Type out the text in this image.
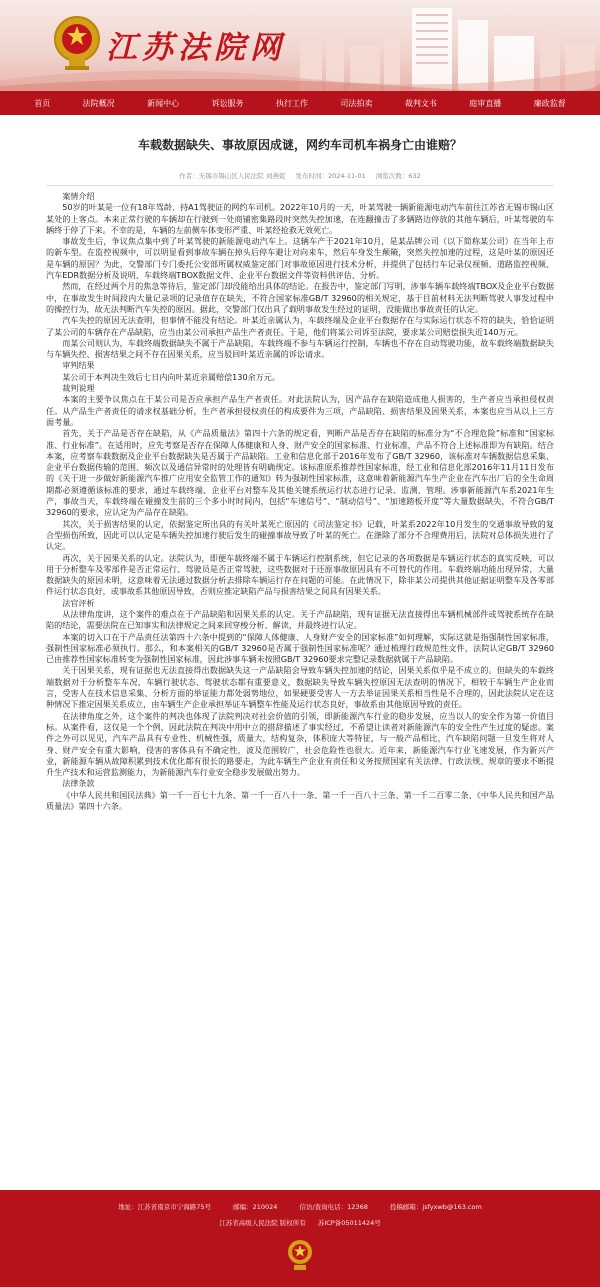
江苏法院网
首页	法院概况	新闻中心	诉讼服务	执行工作	司法拍卖	裁判文书	庭审直播	廉政监督
车载数据缺失、事故原因成谜，网约车司机车祸身亡由谁赔？
作者：无锡市锡山区人民法院 刘燕妮 发布时间：2024-11-01 浏览次数：632

案情介绍

50岁的叶某是一位有18年驾龄、持A1驾驶证的网约车司机。2022年10月的一天，叶某驾驶一辆新能源电动汽车前往江苏省无锡市锡山区某处的上客点。本来正常行驶的车辆却在行驶到一处商铺密集路段时突然失控加速，在连翻撞击了多辆路边停放的其他车辆后，叶某驾驶的车辆终于停了下来。不幸的是，车辆的左前侧车体变形严重、叶某经抢救无效死亡。

事故发生后，争议焦点集中到了叶某驾驶的新能源电动汽车上。这辆车产于2021年10月，是某品牌公司（以下简称某公司）在当年上市的新车型。在监控视频中，可以明显看到事故车辆在掉头后停车避让对向来车，然后车身发生颠簸，突然失控加速的过程，这是叶某的原因还是车辆的原因？为此，交警部门专门委托公安部所属权威鉴定部门对事故原因进行技术分析，并提供了包括行车记录仪视频、道路监控视频、汽车EDR数据分析及说明、车载终端TBOX数据文件、企业平台数据文件等资料供评估、分析。

然而，在经过两个月的焦急等待后，鉴定部门却没能给出具体的结论。在报告中，鉴定部门写明，涉事车辆车载终端TBOX及企业平台数据中，在事故发生时间段内大量记录项的记录值存在缺失，不符合国家标准GB/T 32960的相关规定，基于目前材料无法判断驾驶人事发过程中的操控行为，故无法判断汽车失控的原因。据此，交警部门仅出具了载明事故发生经过的证明，没能做出事故责任的认定。

汽车失控的原因无法查明，但事情不能没有结论。叶某近亲属认为，车载终端及企业平台数据存在与实际运行状态不符的缺失，恰恰证明了某公司的车辆存在产品缺陷，应当由某公司承担产品生产者责任。于是，他们将某公司诉至法院，要求某公司赔偿损失近140万元。

而某公司则认为，车载终端数据缺失不属于产品缺陷，车载终端不参与车辆运行控制，车辆也不存在自动驾驶功能，故车载终端数据缺失与车辆失控、损害结果之间不存在因果关系，应当驳回叶某近亲属的诉讼请求。

审判结果

某公司于本判决生效后七日内向叶某近亲属赔偿130余万元。

裁判说理

本案的主要争议焦点在于某公司是否应承担产品生产者责任。对此法院认为，因产品存在缺陷造成他人损害的，生产者应当承担侵权责任。从产品生产者责任的请求权基础分析，生产者承担侵权责任的构成要件为三项，产品缺陷、损害结果及因果关系，本案也应当从以上三方面考量。

首先，关于产品是否存在缺陷，从《产品质量法》第四十六条的规定看，判断产品是否存在缺陷的标准分为“不合理危险”标准和“国家标准、行业标准”。在适用时，应先考察是否存在保障人体健康和人身、财产安全的国家标准、行业标准，产品不符合上述标准即为有缺陷。结合本案，应考察车载数据及企业平台数据缺失是否属于产品缺陷。工业和信息化部于2016年发布了GB/T 32960，该标准对车辆数据信息采集、企业平台数据传输的范围、频次以及通信异常时的处理皆有明确规定。该标准原系推荐性国家标准，经工业和信息化部2016年11月11日发布的《关于进一步做好新能源汽车推广应用安全监管工作的通知》转为强制性国家标准，这意味着新能源汽车生产企业在汽车出厂后的全生命周期都必须遵循该标准的要求，通过车载终端、企业平台对整车及其他关键系统运行状态进行记录、监测、管理。涉事新能源汽车系2021年生产，事故当天，车载终端在碰撞发生前的三个多小时时间内，包括“车速信号”、“制动信号”、“加速踏板开度”等大量数据缺失，不符合GB/T 32960的要求，应认定为产品存在缺陷。

其次，关于损害结果的认定，依据鉴定所出具的有关叶某死亡原因的《司法鉴定书》记载，叶某系2022年10月发生的交通事故导致的复合型损伤所致，因此可以认定是车辆失控加速行驶后发生的碰撞事故导致了叶某的死亡。在涤除了部分不合理费用后，法院对总体损失进行了认定。

再次，关于因果关系的认定。法院认为，即便车载终端不属于车辆运行控制系统，但它记录的各项数据是车辆运行状态的真实反映，可以用于分析整车及零部件是否正常运行、驾驶员是否正常驾驶，这些数据对于还原事故原因具有不可替代的作用。车载终端功能出现异常，大量数据缺失的原因未明，这意味着无法通过数据分析去排除车辆运行存在问题的可能。在此情况下，除非某公司提供其他证据证明整车及各零部件运行状态良好，或事故系其他原因导致，否则应推定缺陷产品与损害结果之间具有因果关系。

法官评析

从法律角度讲，这个案件的难点在于产品缺陷和因果关系的认定。关于产品缺陷，现有证据无法直接得出车辆机械部件或驾驶系统存在缺陷的结论，需要法院在已知事实和法律规定之间来回穿梭分析、解读，并最终进行认定。

本案的切入口在于产品责任法第四十六条中提到的“保障人体健康、人身财产安全的国家标准”如何理解，实际这就是指强制性国家标准，强制性国家标准必须执行。那么，和本案相关的GB/T 32960是否属于强制性国家标准呢？通过梳理行政规范性文件，法院认定GB/T 32960已由推荐性国家标准转变为强制性国家标准，因此涉事车辆未按照GB/T 32960要求完整记录数据就属于产品缺陷。

关于因果关系，现有证据也无法直接得出数据缺失这一产品缺陷会导致车辆失控加速的结论，因果关系似乎是不成立的。但缺失的车载终端数据对于分析整车车况、车辆行驶状态、驾驶状态都有重要意义，数据缺失导致车辆失控原因无法查明的情况下，相较于车辆生产企业而言，受害人在技术信息采集、分析方面的举证能力都处弱势地位，如果硬要受害人一方去举证因果关系相当性是不合理的，因此法院认定在这种情况下推定因果关系成立，由车辆生产企业承担举证车辆整车性能及运行状态良好，事故系由其他原因导致的责任。

在法律角度之外，这个案件的判决也体现了法院判决对社会价值的引领，即新能源汽车行业的稳步发展，应当以人的安全作为第一价值目标。从案件看，这仅是一个个例，因此法院在判决中用中立的措辞描述了事实经过，不希望让读者对新能源汽车的安全性产生过度的疑虑。案件之外可以见见，汽车产品具有专业性、机械性强，质量大，结构复杂，体积庞大等特征，与一般产品相比，汽车缺陷问题一旦发生将对人身、财产安全有重大影响，侵害的客体具有不确定性，波及范围较广，社会危险性也很大。近年来，新能源汽车行业飞速发展，作为新兴产业，新能源车辆从故障积累到技术优化都有很长的路要走，为此车辆生产企业有责任和义务按照国家有关法律、行政法规、规章的要求不断提升生产技术和运营监测能力，为新能源汽车行业安全稳步发展做出努力。

法律条款

《中华人民共和国民法典》第一千一百七十九条、第一千一百八十一条、第一千一百八十三条、第一千二百零二条、《中华人民共和国产品质量法》第四十六条。

地址：江苏省南京市宁海路75号	邮编：210024	信访/查询电话：12368	投稿邮箱：jsfyxwb@163.com
江苏省高级人民法院 版权所有 苏ICP备05011424号
